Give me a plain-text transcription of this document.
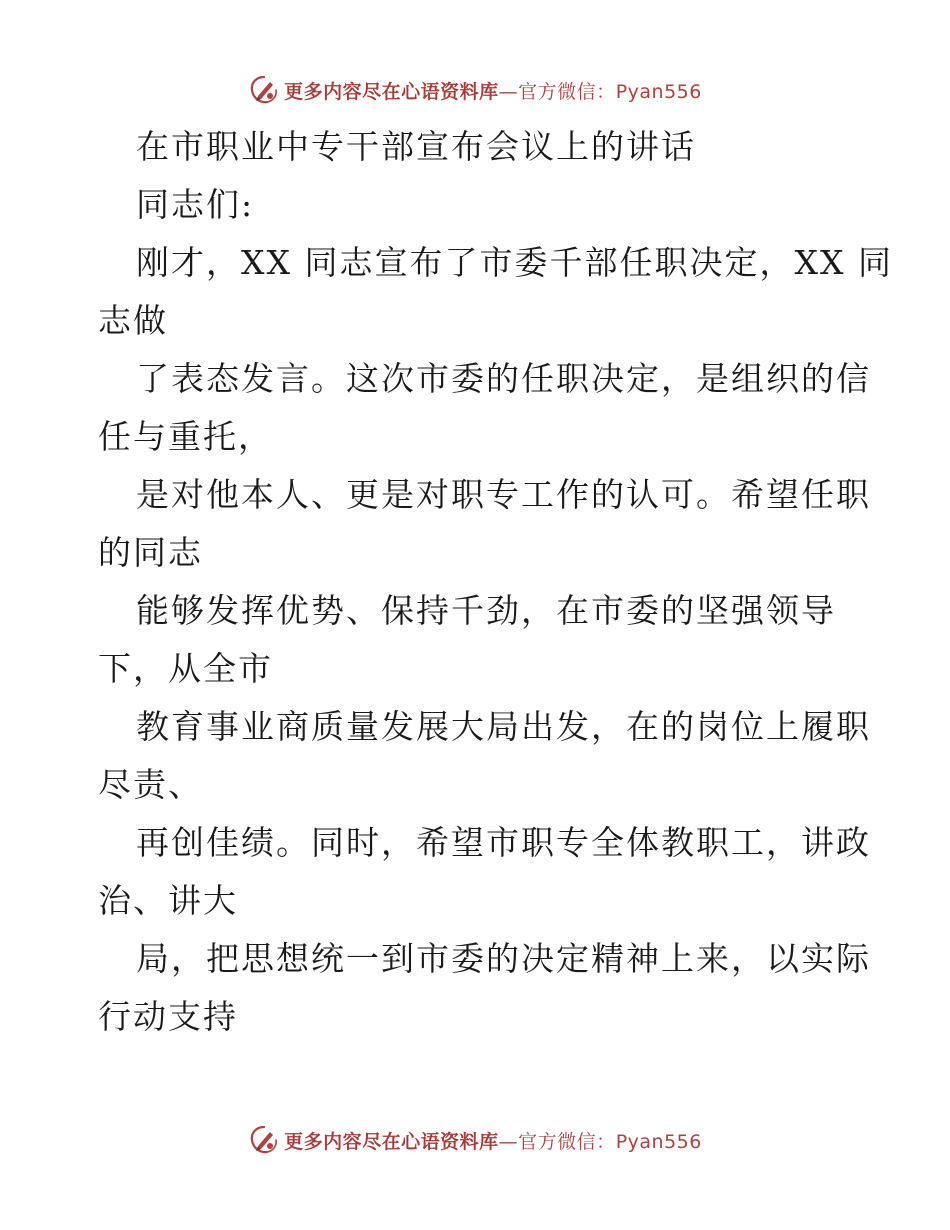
更多内容尽在心语资料库—官方微信：Pyan556
在市职业中专干部宣布会议上的讲话
同志们:
刚才，XX 同志宣布了市委千部任职决定，XX 同
志做
了表态发言。这次市委的任职决定，是组织的信
任与重托，
是对他本人、更是对职专工作的认可。希望任职
的同志
能够发挥优势、保持千劲，在市委的坚强领导
下，从全市
教育事业商质量发展大局出发，在的岗位上履职
尽责、
再创佳绩。同时，希望市职专全体教职工，讲政
治、讲大
局，把思想统一到市委的决定精神上来，以实际
行动支持
更多内容尽在心语资料库—官方微信：Pyan556
